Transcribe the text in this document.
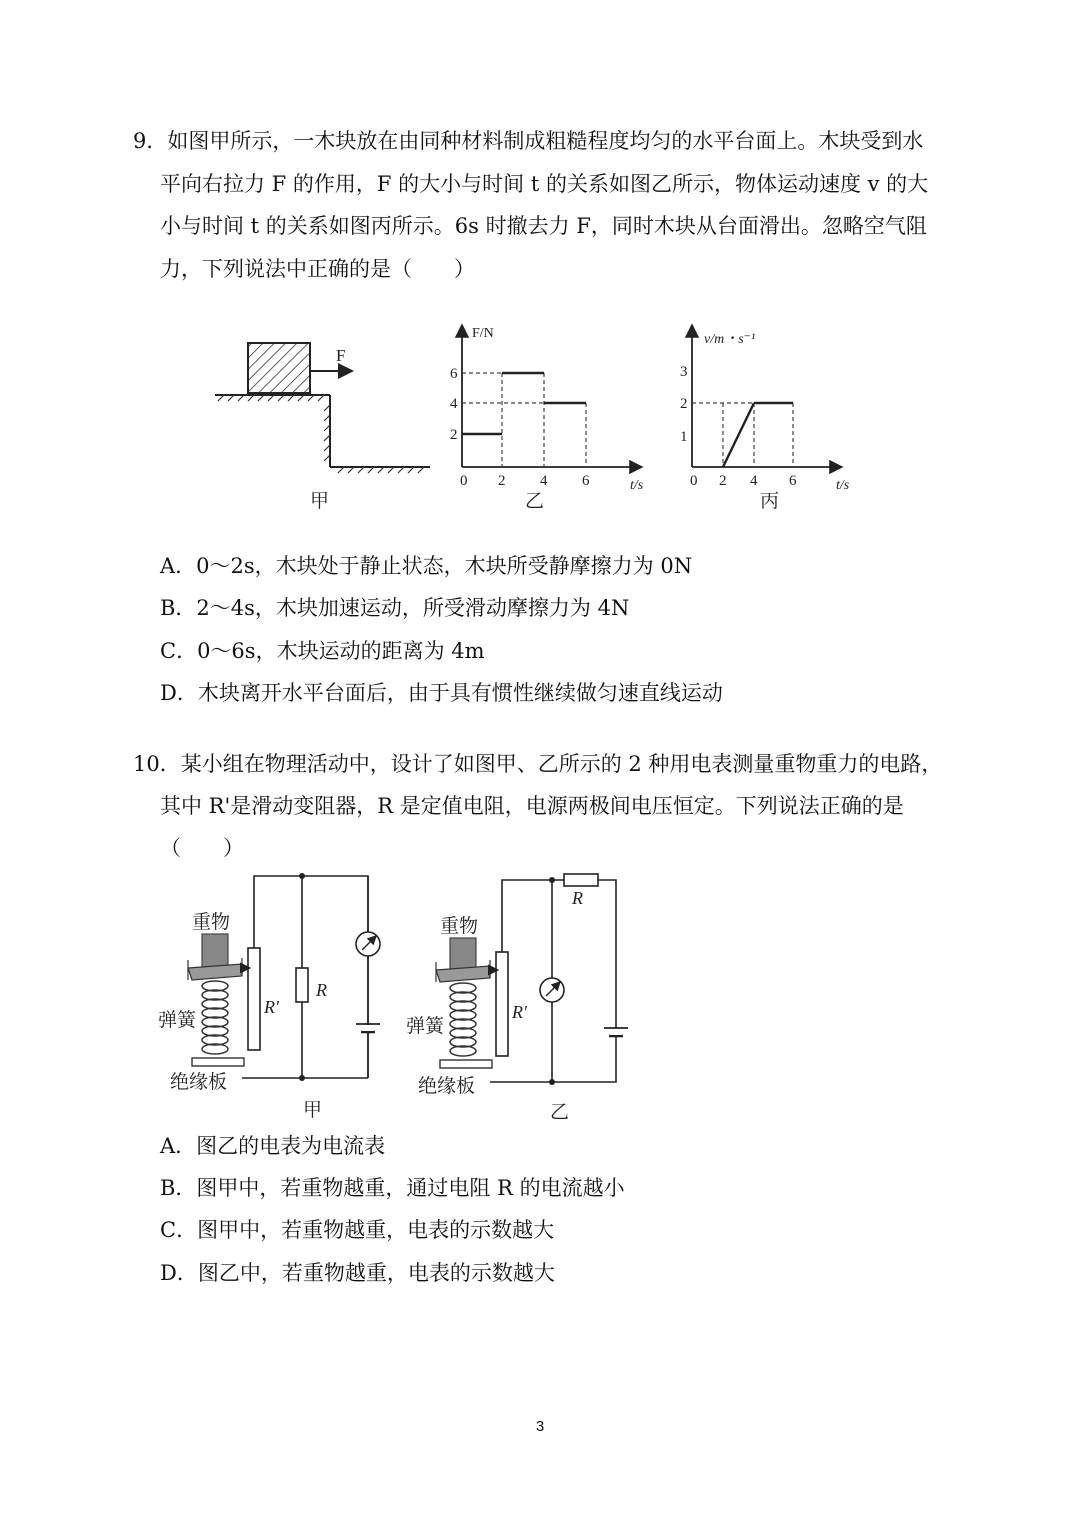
9．如图甲所示，一木块放在由同种材料制成粗糙程度均匀的水平台面上。木块受到水
平向右拉力 F 的作用，F 的大小与时间 t 的关系如图乙所示，物体运动速度 v 的大
小与时间 t 的关系如图丙所示。6s 时撤去力 F，同时木块从台面滑出。忽略空气阻
力，下列说法中正确的是（　　）
F
甲
F/N
t/s
2
4
6
0 2 4 6
乙
v/m・s⁻¹
t/s
1
2
3
0 2 4 6
丙
A．0～2s，木块处于静止状态，木块所受静摩擦力为 0N
B．2～4s，木块加速运动，所受滑动摩擦力为 4N
C．0～6s，木块运动的距离为 4m
D．木块离开水平台面后，由于具有惯性继续做匀速直线运动
10．某小组在物理活动中，设计了如图甲、乙所示的 2 种用电表测量重物重力的电路，
其中 R'是滑动变阻器，R 是定值电阻，电源两极间电压恒定。下列说法正确的是
（　　）
重物
弹簧
绝缘板
R′
R
甲
重物
弹簧
绝缘板
R′
R
乙
A．图乙的电表为电流表
B．图甲中，若重物越重，通过电阻 R 的电流越小
C．图甲中，若重物越重，电表的示数越大
D．图乙中，若重物越重，电表的示数越大
3
